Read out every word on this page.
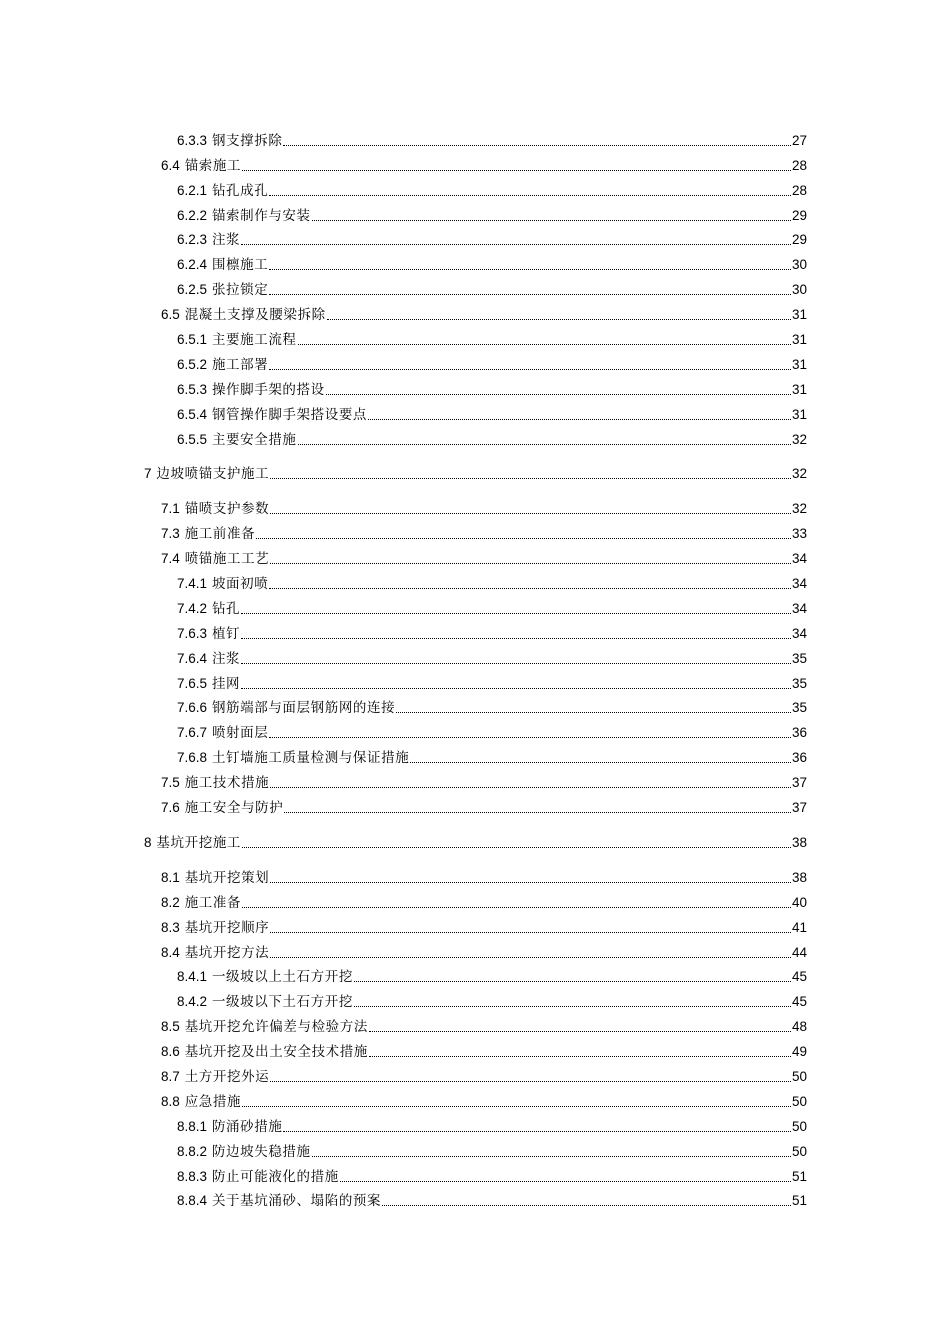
6.3.3 钢支撑拆除	27
6.4 锚索施工	28
6.2.1 钻孔成孔	28
6.2.2 锚索制作与安装	29
6.2.3 注浆	29
6.2.4 围檩施工	30
6.2.5 张拉锁定	30
6.5 混凝土支撑及腰梁拆除	31
6.5.1 主要施工流程	31
6.5.2 施工部署	31
6.5.3 操作脚手架的搭设	31
6.5.4 钢管操作脚手架搭设要点	31
6.5.5 主要安全措施	32
7 边坡喷锚支护施工	32
7.1 锚喷支护参数	32
7.3 施工前准备	33
7.4 喷锚施工工艺	34
7.4.1 坡面初喷	34
7.4.2 钻孔	34
7.6.3 植钉	34
7.6.4 注浆	35
7.6.5 挂网	35
7.6.6 钢筋端部与面层钢筋网的连接	35
7.6.7 喷射面层	36
7.6.8 土钉墙施工质量检测与保证措施	36
7.5 施工技术措施	37
7.6 施工安全与防护	37
8 基坑开挖施工	38
8.1 基坑开挖策划	38
8.2 施工准备	40
8.3 基坑开挖顺序	41
8.4 基坑开挖方法	44
8.4.1 一级坡以上土石方开挖	45
8.4.2 一级坡以下土石方开挖	45
8.5 基坑开挖允许偏差与检验方法	48
8.6 基坑开挖及出土安全技术措施	49
8.7 土方开挖外运	50
8.8 应急措施	50
8.8.1 防涌砂措施	50
8.8.2 防边坡失稳措施	50
8.8.3 防止可能液化的措施	51
8.8.4 关于基坑涌砂、塌陷的预案	51
